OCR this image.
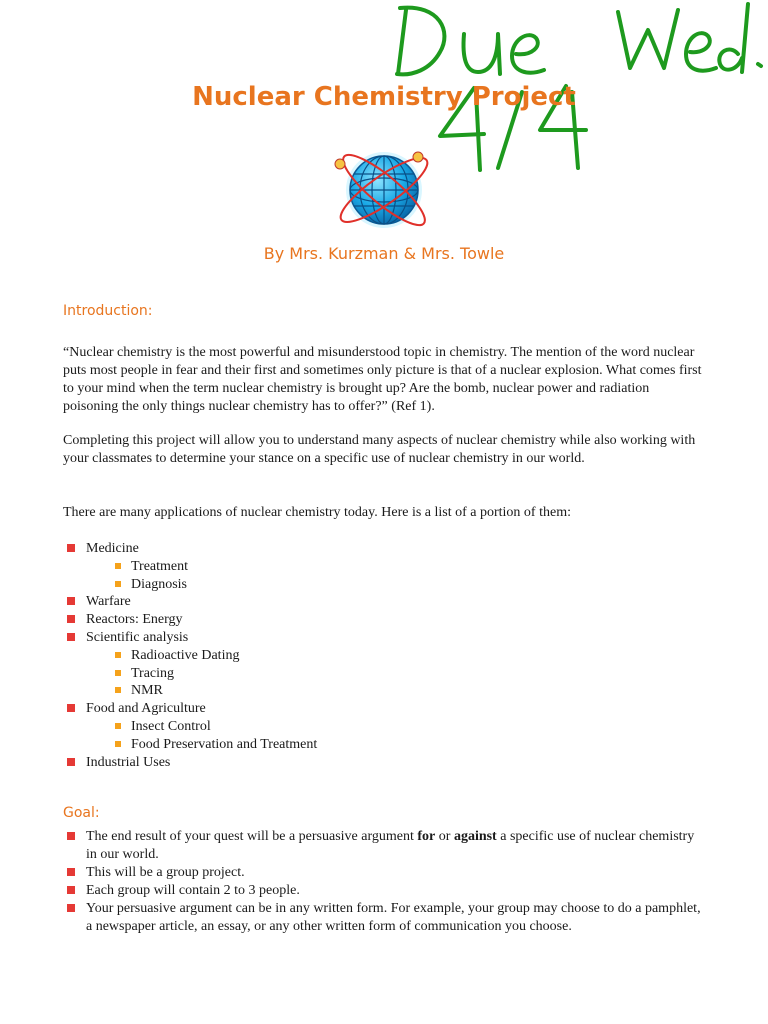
Nuclear Chemistry Project
By Mrs. Kurzman & Mrs. Towle
Introduction:

“Nuclear chemistry is the most powerful and misunderstood topic in chemistry. The mention of the word nuclear puts most people in fear and their first and sometimes only picture is that of a nuclear explosion. What comes first to your mind when the term nuclear chemistry is brought up? Are the bomb, nuclear power and radiation poisoning the only things nuclear chemistry has to offer?” (Ref 1).

Completing this project will allow you to understand many aspects of nuclear chemistry while also working with your classmates to determine your stance on a specific use of nuclear chemistry in our world.

There are many applications of nuclear chemistry today. Here is a list of a portion of them:

Medicine
Treatment
Diagnosis
Warfare
Reactors: Energy
Scientific analysis
Radioactive Dating
Tracing
NMR
Food and Agriculture
Insect Control
Food Preservation and Treatment
Industrial Uses
Goal:
The end result of your quest will be a persuasive argument for or against a specific use of nuclear chemistry in our world.
This will be a group project.
Each group will contain 2 to 3 people.
Your persuasive argument can be in any written form. For example, your group may choose to do a pamphlet, a newspaper article, an essay, or any other written form of communication you choose.
